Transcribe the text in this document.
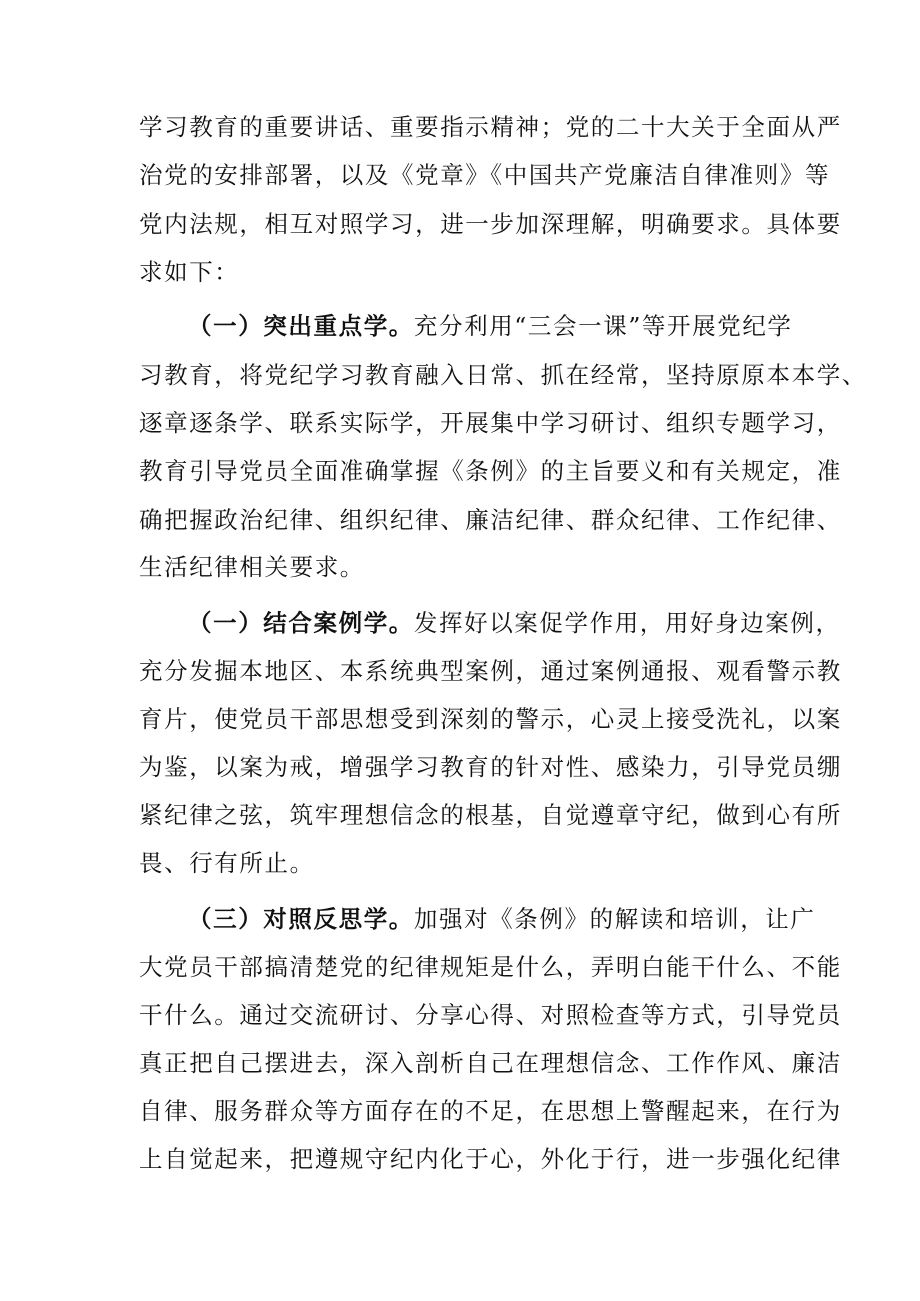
学习教育的重要讲话、重要指示精神；党的二十大关于全面从严
治党的安排部署，以及《党章》《中国共产党廉洁自律准则》等
党内法规，相互对照学习，进一步加深理解，明确要求。具体要
求如下：
（一）突出重点学。充分利用“三会一课”等开展党纪学
习教育，将党纪学习教育融入日常、抓在经常，坚持原原本本学、
逐章逐条学、联系实际学，开展集中学习研讨、组织专题学习，
教育引导党员全面准确掌握《条例》的主旨要义和有关规定，准
确把握政治纪律、组织纪律、廉洁纪律、群众纪律、工作纪律、
生活纪律相关要求。
（一）结合案例学。发挥好以案促学作用，用好身边案例，
充分发掘本地区、本系统典型案例，通过案例通报、观看警示教
育片，使党员干部思想受到深刻的警示，心灵上接受洗礼，以案
为鉴，以案为戒，增强学习教育的针对性、感染力，引导党员绷
紧纪律之弦，筑牢理想信念的根基，自觉遵章守纪，做到心有所
畏、行有所止。
（三）对照反思学。加强对《条例》的解读和培训，让广
大党员干部搞清楚党的纪律规矩是什么，弄明白能干什么、不能
干什么。通过交流研讨、分享心得、对照检查等方式，引导党员
真正把自己摆进去，深入剖析自己在理想信念、工作作风、廉洁
自律、服务群众等方面存在的不足，在思想上警醒起来，在行为
上自觉起来，把遵规守纪内化于心，外化于行，进一步强化纪律
